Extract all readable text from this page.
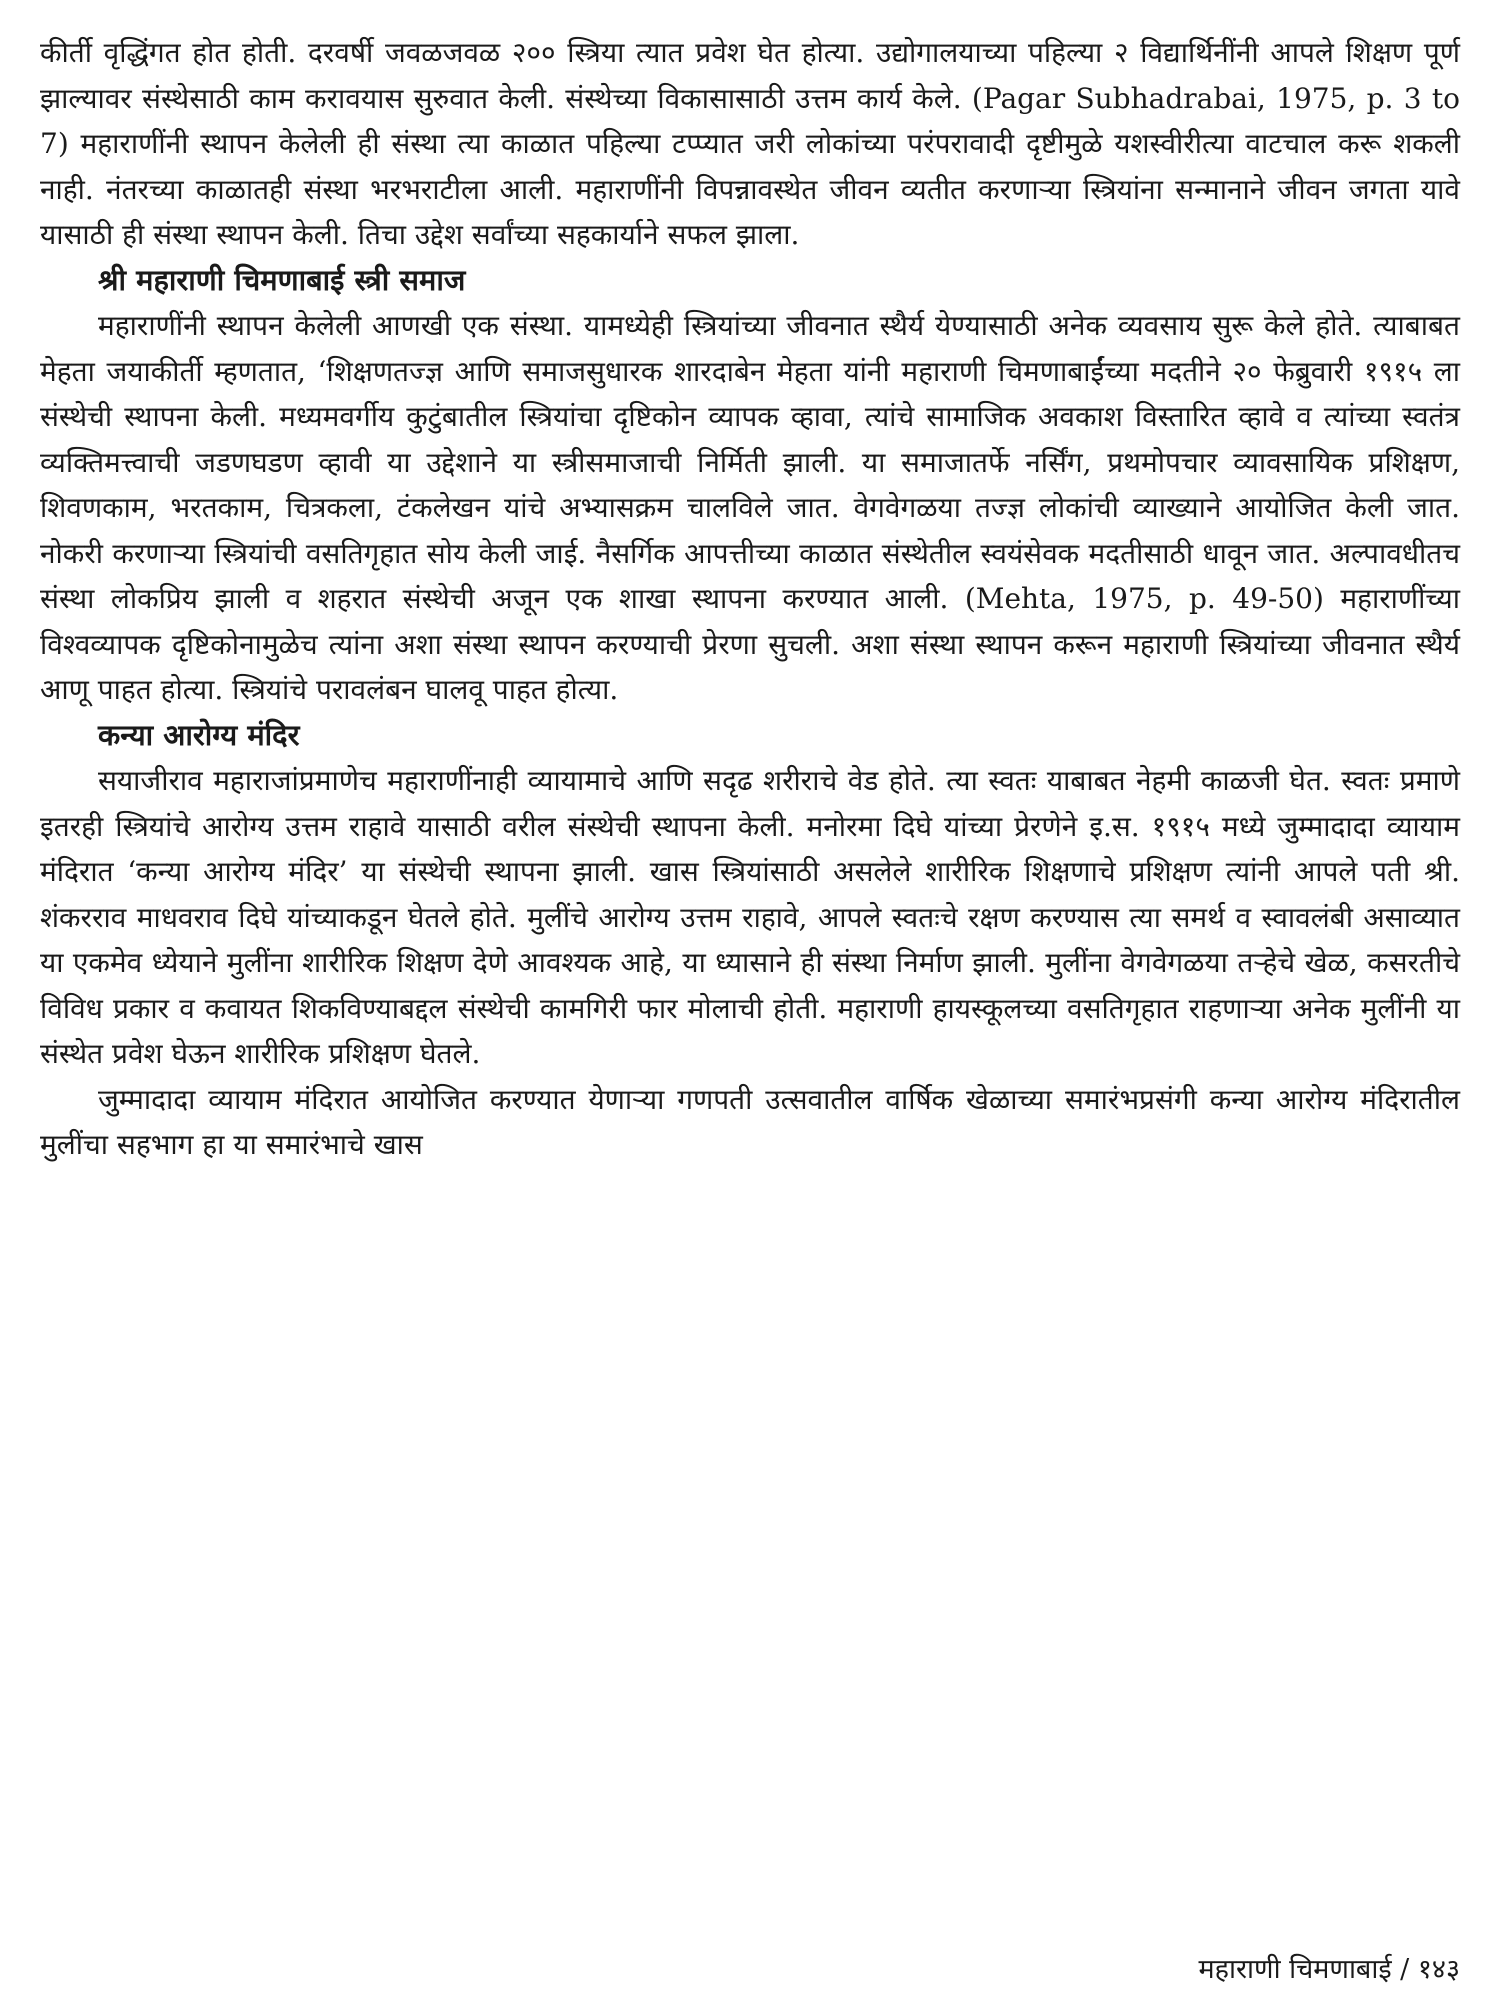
कीर्ती वृद्धिंगत होत होती. दरवर्षी जवळजवळ २०० स्त्रिया त्यात प्रवेश घेत होत्या. उद्योगालयाच्या पहिल्या २ विद्यार्थिनींनी आपले शिक्षण पूर्ण झाल्यावर संस्थेसाठी काम करावयास सुरुवात केली. संस्थेच्या विकासासाठी उत्तम कार्य केले. (Pagar Subhadrabai, 1975, p. 3 to 7) महाराणींनी स्थापन केलेली ही संस्था त्या काळात पहिल्या टप्प्यात जरी लोकांच्या परंपरावादी दृष्टीमुळे यशस्वीरीत्या वाटचाल करू शकली नाही. नंतरच्या काळातही संस्था भरभराटीला आली. महाराणींनी विपन्नावस्थेत जीवन व्यतीत करणाऱ्या स्त्रियांना सन्मानाने जीवन जगता यावे यासाठी ही संस्था स्थापन केली. तिचा उद्देश सर्वांच्या सहकार्याने सफल झाला.

श्री महाराणी चिमणाबाई स्त्री समाज

महाराणींनी स्थापन केलेली आणखी एक संस्था. यामध्येही स्त्रियांच्या जीवनात स्थैर्य येण्यासाठी अनेक व्यवसाय सुरू केले होते. त्याबाबत मेहता जयाकीर्ती म्हणतात, ‘शिक्षणतज्ज्ञ आणि समाजसुधारक शारदाबेन मेहता यांनी महाराणी चिमणाबाईंच्या मदतीने २० फेब्रुवारी १९१५ ला संस्थेची स्थापना केली. मध्यमवर्गीय कुटुंबातील स्त्रियांचा दृष्टिकोन व्यापक व्हावा, त्यांचे सामाजिक अवकाश विस्तारित व्हावे व त्यांच्या स्वतंत्र व्यक्तिमत्त्वाची जडणघडण व्हावी या उद्देशाने या स्त्रीसमाजाची निर्मिती झाली. या समाजातर्फे नर्सिंग, प्रथमोपचार व्यावसायिक प्रशिक्षण, शिवणकाम, भरतकाम, चित्रकला, टंकलेखन यांचे अभ्यासक्रम चालविले जात. वेगवेगळया तज्ज्ञ लोकांची व्याख्याने आयोजित केली जात. नोकरी करणाऱ्या स्त्रियांची वसतिगृहात सोय केली जाई. नैसर्गिक आपत्तीच्या काळात संस्थेतील स्वयंसेवक मदतीसाठी धावून जात. अल्पावधीतच संस्था लोकप्रिय झाली व शहरात संस्थेची अजून एक शाखा स्थापना करण्यात आली. (Mehta, 1975, p. 49-50) महाराणींच्या विश्वव्यापक दृष्टिकोनामुळेच त्यांना अशा संस्था स्थापन करण्याची प्रेरणा सुचली. अशा संस्था स्थापन करून महाराणी स्त्रियांच्या जीवनात स्थैर्य आणू पाहत होत्या. स्त्रियांचे परावलंबन घालवू पाहत होत्या.

कन्या आरोग्य मंदिर

सयाजीराव महाराजांप्रमाणेच महाराणींनाही व्यायामाचे आणि सदृढ शरीराचे वेड होते. त्या स्वतः याबाबत नेहमी काळजी घेत. स्वतः प्रमाणे इतरही स्त्रियांचे आरोग्य उत्तम राहावे यासाठी वरील संस्थेची स्थापना केली. मनोरमा दिघे यांच्या प्रेरणेने इ.स. १९१५ मध्ये जुम्मादादा व्यायाम मंदिरात ‘कन्या आरोग्य मंदिर’ या संस्थेची स्थापना झाली. खास स्त्रियांसाठी असलेले शारीरिक शिक्षणाचे प्रशिक्षण त्यांनी आपले पती श्री. शंकरराव माधवराव दिघे यांच्याकडून घेतले होते. मुलींचे आरोग्य उत्तम राहावे, आपले स्वतःचे रक्षण करण्यास त्या समर्थ व स्वावलंबी असाव्यात या एकमेव ध्येयाने मुलींना शारीरिक शिक्षण देणे आवश्यक आहे, या ध्यासाने ही संस्था निर्माण झाली. मुलींना वेगवेगळया तऱ्हेचे खेळ, कसरतीचे विविध प्रकार व कवायत शिकविण्याबद्दल संस्थेची कामगिरी फार मोलाची होती. महाराणी हायस्कूलच्या वसतिगृहात राहणाऱ्या अनेक मुलींनी या संस्थेत प्रवेश घेऊन शारीरिक प्रशिक्षण घेतले.

जुम्मादादा व्यायाम मंदिरात आयोजित करण्यात येणाऱ्या गणपती उत्सवातील वार्षिक खेळाच्या समारंभप्रसंगी कन्या आरोग्य मंदिरातील मुलींचा सहभाग हा या समारंभाचे खास

महाराणी चिमणाबाई / १४३
